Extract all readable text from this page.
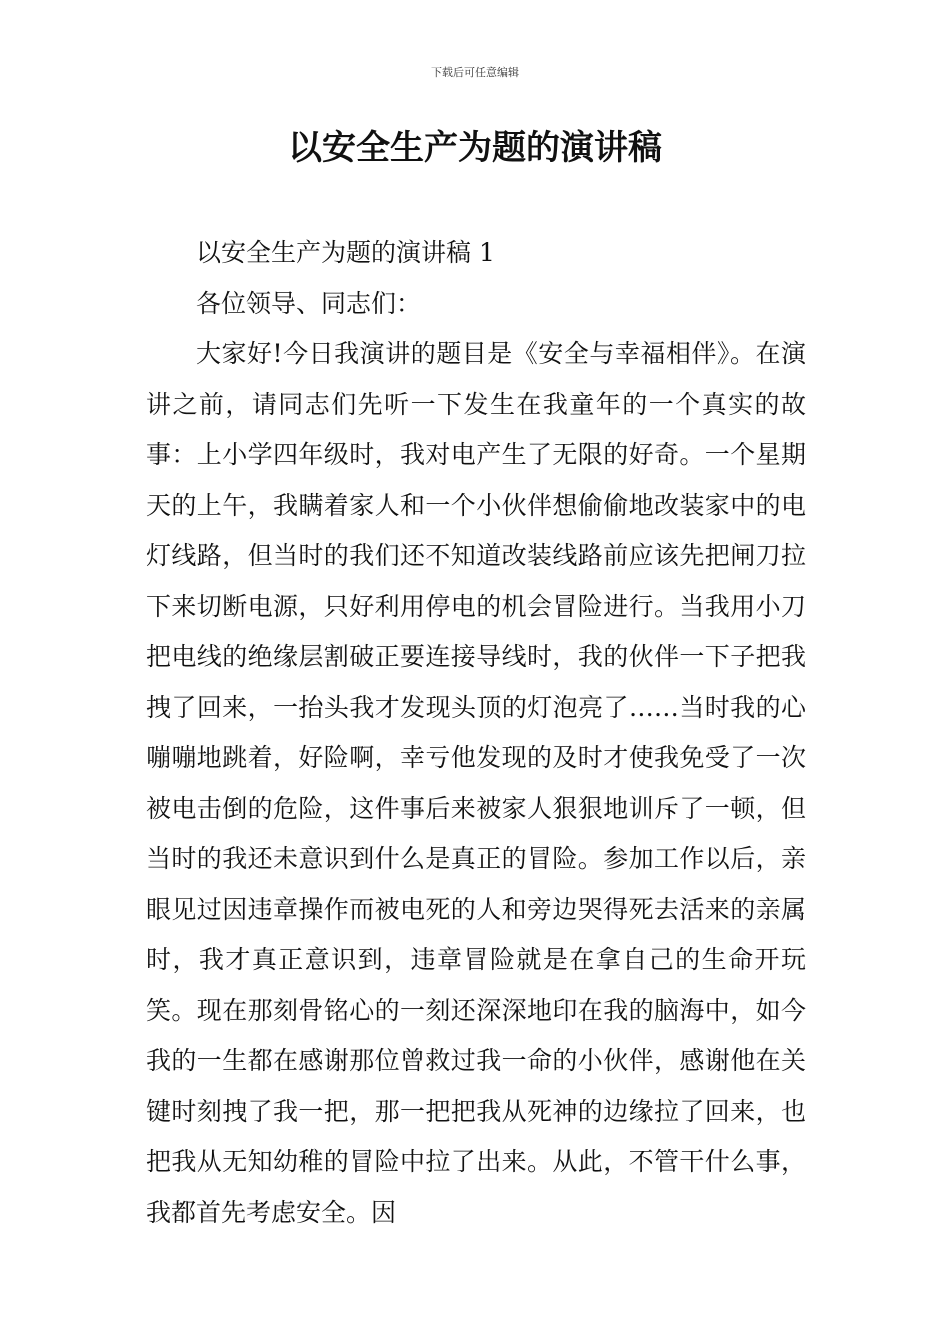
下载后可任意编辑
以安全生产为题的演讲稿

以安全生产为题的演讲稿 1

各位领导、同志们：

大家好!今日我演讲的题目是《安全与幸福相伴》。在演讲之前，请同志们先听一下发生在我童年的一个真实的故事：上小学四年级时，我对电产生了无限的好奇。一个星期天的上午，我瞒着家人和一个小伙伴想偷偷地改装家中的电灯线路，但当时的我们还不知道改装线路前应该先把闸刀拉下来切断电源，只好利用停电的机会冒险进行。当我用小刀把电线的绝缘层割破正要连接导线时，我的伙伴一下子把我拽了回来，一抬头我才发现头顶的灯泡亮了……当时我的心嘣嘣地跳着，好险啊，幸亏他发现的及时才使我免受了一次被电击倒的危险，这件事后来被家人狠狠地训斥了一顿，但当时的我还未意识到什么是真正的冒险。参加工作以后，亲眼见过因违章操作而被电死的人和旁边哭得死去活来的亲属时，我才真正意识到，违章冒险就是在拿自己的生命开玩笑。现在那刻骨铭心的一刻还深深地印在我的脑海中，如今我的一生都在感谢那位曾救过我一命的小伙伴，感谢他在关键时刻拽了我一把，那一把把我从死神的边缘拉了回来，也把我从无知幼稚的冒险中拉了出来。从此，不管干什么事，我都首先考虑安全。因
